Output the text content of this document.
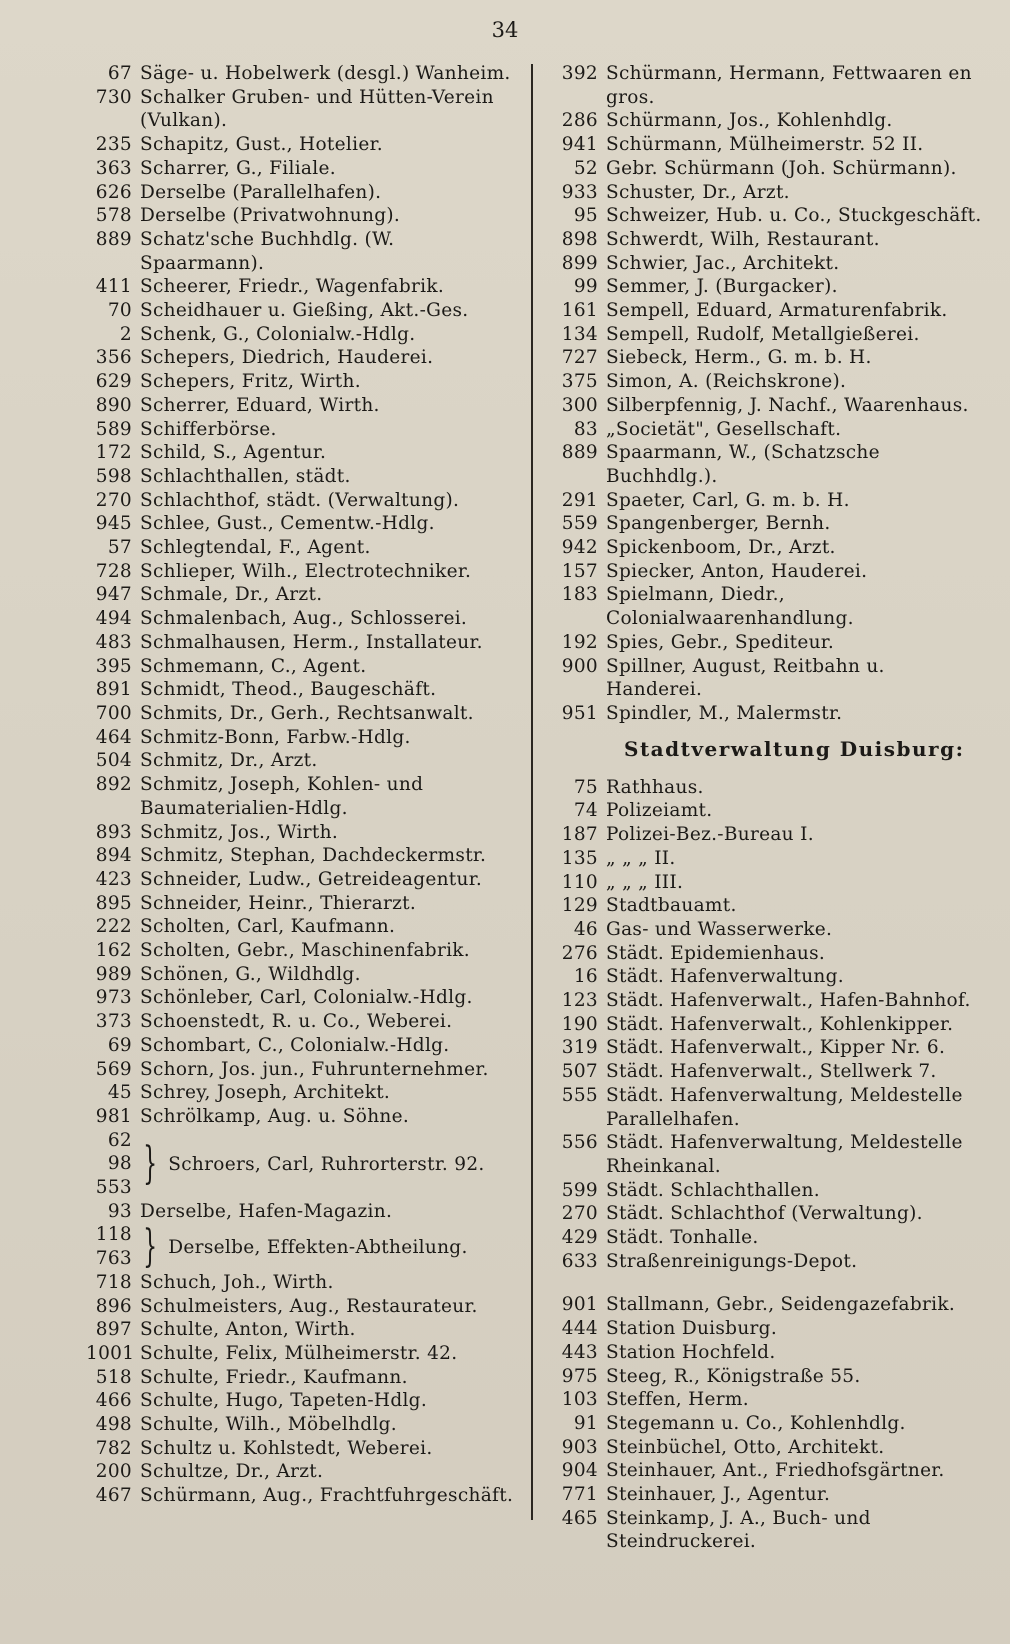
34
67 Säge- u. Hobelwerk (desgl.) Wanheim.
730 Schalker Gruben- und Hütten-Verein (Vulkan).
235 Schapitz, Gust., Hotelier.
363 Scharrer, G., Filiale.
626 Derselbe (Parallelhafen).
578 Derselbe (Privatwohnung).
889 Schatz'sche Buchhdlg. (W. Spaarmann).
411 Scheerer, Friedr., Wagenfabrik.
70 Scheidhauer u. Gießing, Akt.-Ges.
2 Schenk, G., Colonialw.-Hdlg.
356 Schepers, Diedrich, Hauderei.
629 Schepers, Fritz, Wirth.
890 Scherrer, Eduard, Wirth.
589 Schifferbörse.
172 Schild, S., Agentur.
598 Schlachthallen, städt.
270 Schlachthof, städt. (Verwaltung).
945 Schlee, Gust., Cementw.-Hdlg.
57 Schlegtendal, F., Agent.
728 Schlieper, Wilh., Electrotechniker.
947 Schmale, Dr., Arzt.
494 Schmalenbach, Aug., Schlosserei.
483 Schmalhausen, Herm., Installateur.
395 Schmemann, C., Agent.
891 Schmidt, Theod., Baugeschäft.
700 Schmits, Dr., Gerh., Rechtsanwalt.
464 Schmitz-Bonn, Farbw.-Hdlg.
504 Schmitz, Dr., Arzt.
892 Schmitz, Joseph, Kohlen- und Baumaterialien-Hdlg.
893 Schmitz, Jos., Wirth.
894 Schmitz, Stephan, Dachdeckermstr.
423 Schneider, Ludw., Getreideagentur.
895 Schneider, Heinr., Thierarzt.
222 Scholten, Carl, Kaufmann.
162 Scholten, Gebr., Maschinenfabrik.
989 Schönen, G., Wildhdlg.
973 Schönleber, Carl, Colonialw.-Hdlg.
373 Schoenstedt, R. u. Co., Weberei.
69 Schombart, C., Colonialw.-Hdlg.
569 Schorn, Jos. jun., Fuhrunternehmer.
45 Schrey, Joseph, Architekt.
981 Schrölkamp, Aug. u. Söhne.
62
98
553 } Schroers, Carl, Ruhrorterstr. 92.
93 Derselbe, Hafen-Magazin.
118
763 } Derselbe, Effekten-Abtheilung.
718 Schuch, Joh., Wirth.
896 Schulmeisters, Aug., Restaurateur.
897 Schulte, Anton, Wirth.
1001 Schulte, Felix, Mülheimerstr. 42.
518 Schulte, Friedr., Kaufmann.
466 Schulte, Hugo, Tapeten-Hdlg.
498 Schulte, Wilh., Möbelhdlg.
782 Schultz u. Kohlstedt, Weberei.
200 Schultze, Dr., Arzt.
467 Schürmann, Aug., Frachtfuhrgeschäft.
392 Schürmann, Hermann, Fettwaaren en gros.
286 Schürmann, Jos., Kohlenhdlg.
941 Schürmann, Mülheimerstr. 52 II.
52 Gebr. Schürmann (Joh. Schürmann).
933 Schuster, Dr., Arzt.
95 Schweizer, Hub. u. Co., Stuckgeschäft.
898 Schwerdt, Wilh, Restaurant.
899 Schwier, Jac., Architekt.
99 Semmer, J. (Burgacker).
161 Sempell, Eduard, Armaturenfabrik.
134 Sempell, Rudolf, Metallgießerei.
727 Siebeck, Herm., G. m. b. H.
375 Simon, A. (Reichskrone).
300 Silberpfennig, J. Nachf., Waarenhaus.
83 „Societät", Gesellschaft.
889 Spaarmann, W., (Schatzsche Buchhdlg.).
291 Spaeter, Carl, G. m. b. H.
559 Spangenberger, Bernh.
942 Spickenboom, Dr., Arzt.
157 Spiecker, Anton, Hauderei.
183 Spielmann, Diedr., Colonialwaarenhandlung.
192 Spies, Gebr., Spediteur.
900 Spillner, August, Reitbahn u. Handerei.
951 Spindler, M., Malermstr.
Stadtverwaltung Duisburg:
75 Rathhaus.
74 Polizeiamt.
187 Polizei-Bez.-Bureau I.
135 „ „ „ II.
110 „ „ „ III.
129 Stadtbauamt.
46 Gas- und Wasserwerke.
276 Städt. Epidemienhaus.
16 Städt. Hafenverwaltung.
123 Städt. Hafenverwalt., Hafen-Bahnhof.
190 Städt. Hafenverwalt., Kohlenkipper.
319 Städt. Hafenverwalt., Kipper Nr. 6.
507 Städt. Hafenverwalt., Stellwerk 7.
555 Städt. Hafenverwaltung, Meldestelle Parallelhafen.
556 Städt. Hafenverwaltung, Meldestelle Rheinkanal.
599 Städt. Schlachthallen.
270 Städt. Schlachthof (Verwaltung).
429 Städt. Tonhalle.
633 Straßenreinigungs-Depot.
901 Stallmann, Gebr., Seidengazefabrik.
444 Station Duisburg.
443 Station Hochfeld.
975 Steeg, R., Königstraße 55.
103 Steffen, Herm.
91 Stegemann u. Co., Kohlenhdlg.
903 Steinbüchel, Otto, Architekt.
904 Steinhauer, Ant., Friedhofsgärtner.
771 Steinhauer, J., Agentur.
465 Steinkamp, J. A., Buch- und Steindruckerei.
